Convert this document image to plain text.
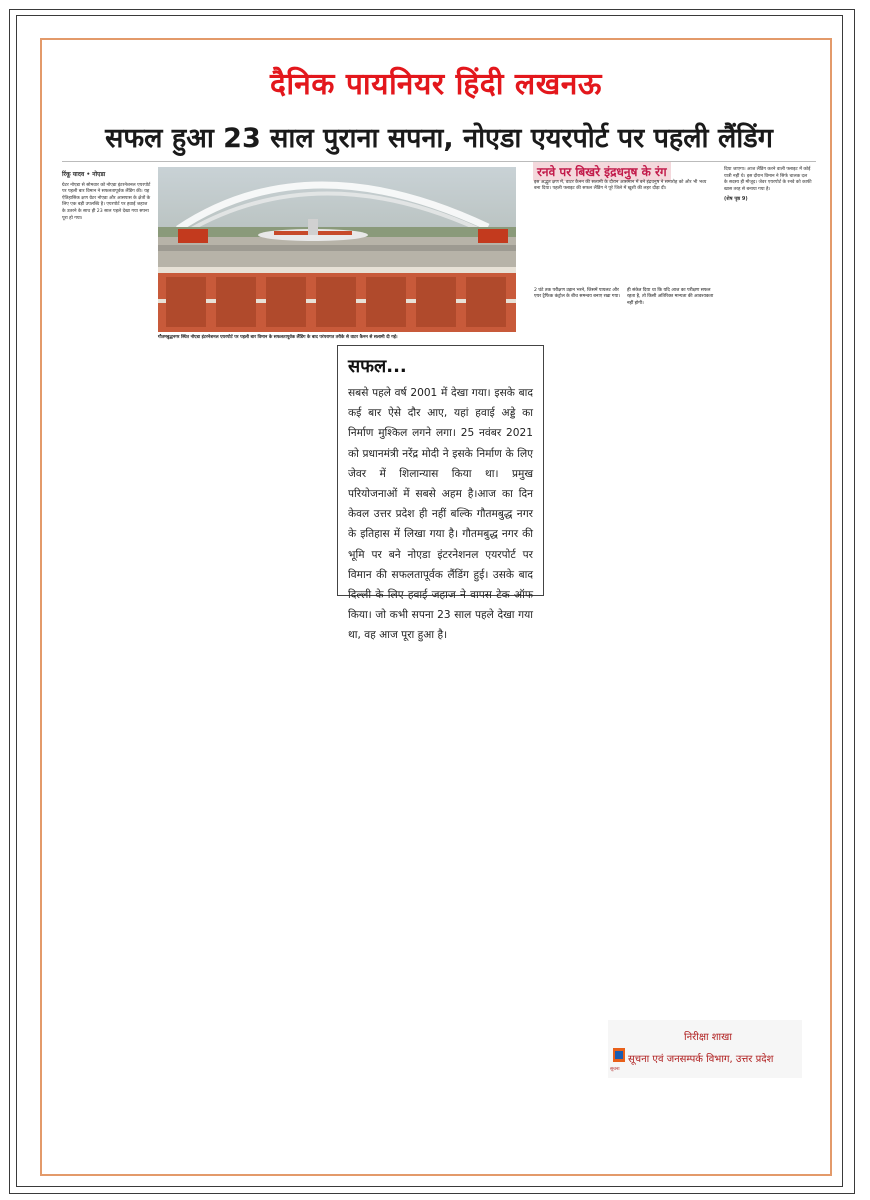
दैनिक पायनियर हिंदी लखनऊ
सफल हुआ 23 साल पुराना सपना, नोएडा एयरपोर्ट पर पहली लैंडिंग
रिंकू यादव • नोएडा
ग्रेटर नोएडा से सोमवार को नोएडा इंटरनेशनल एयरपोर्ट पर पहली बार विमान ने सफलतापूर्वक लैंडिंग की। यह ऐतिहासिक क्षण ग्रेटर नोएडा और आसपास के क्षेत्रों के लिए एक बड़ी उपलब्धि है। एयरपोर्ट पर हवाई जहाज के उतरने के साथ ही 23 साल पहले देखा गया सपना पूरा हो गया।
गौतमबुद्धनगर स्थित नोएडा इंटरनेशनल एयरपोर्ट पर पहली बार विमान के सफलतापूर्वक लैंडिंग के बाद परंपरागत तरीके से वाटर कैनन से सलामी दी गई।
रनवे पर बिखरे इंद्रधनुष के रंग
इस अद्भुत क्षण में, वाटर कैनन की सलामी के दौरान आसमान में बने इंद्रधनुष ने समारोह को और भी भव्य बना दिया। पहली फ्लाइट की सफल लैंडिंग ने पूरे जिले में खुशी की लहर दौड़ा दी।
2 घंटे तक परीक्षण उड़ान भरने, जिसमें पायलट और एयर ट्रैफिक कंट्रोल के बीच समन्वय बनाए रखा गया।
ही संकेत दिया था कि यदि आज का परीक्षण सफल रहता है, तो किसी अतिरिक्त मान्यता की आवश्यकता नहीं होगी।
दिया जाएगा। आज लैंडिंग करने वाली फ्लाइट में कोई यात्री नहीं थे। इस दौरान विमान ने सिर्फ चालक दल के सदस्य ही मौजूद। जेवर एयरपोर्ट के रनवे को काफी खास तरह से बनाया गया है।
(शेष पृष्ठ 9)
सफल...
सबसे पहले वर्ष 2001 में देखा गया। इसके बाद कई बार ऐसे दौर आए, यहां हवाई अड्डे का निर्माण मुश्किल लगने लगा। 25 नवंबर 2021 को प्रधानमंत्री नरेंद्र मोदी ने इसके निर्माण के लिए जेवर में शिलान्यास किया था। प्रमुख परियोजनाओं में सबसे अहम है।आज का दिन केवल उत्तर प्रदेश ही नहीं बल्कि गौतमबुद्ध नगर के इतिहास में लिखा गया है। गौतमबुद्ध नगर की भूमि पर बने नोएडा इंटरनेशनल एयरपोर्ट पर विमान की सफलतापूर्वक लैंडिंग हुई। उसके बाद दिल्ली के लिए हवाई जहाज ने वापस टेक ऑफ किया। जो कभी सपना 23 साल पहले देखा गया था, वह आज पूरा हुआ है।
सूचना
निरीक्षा शाखा
सूचना एवं जनसम्पर्क विभाग, उत्तर प्रदेश
